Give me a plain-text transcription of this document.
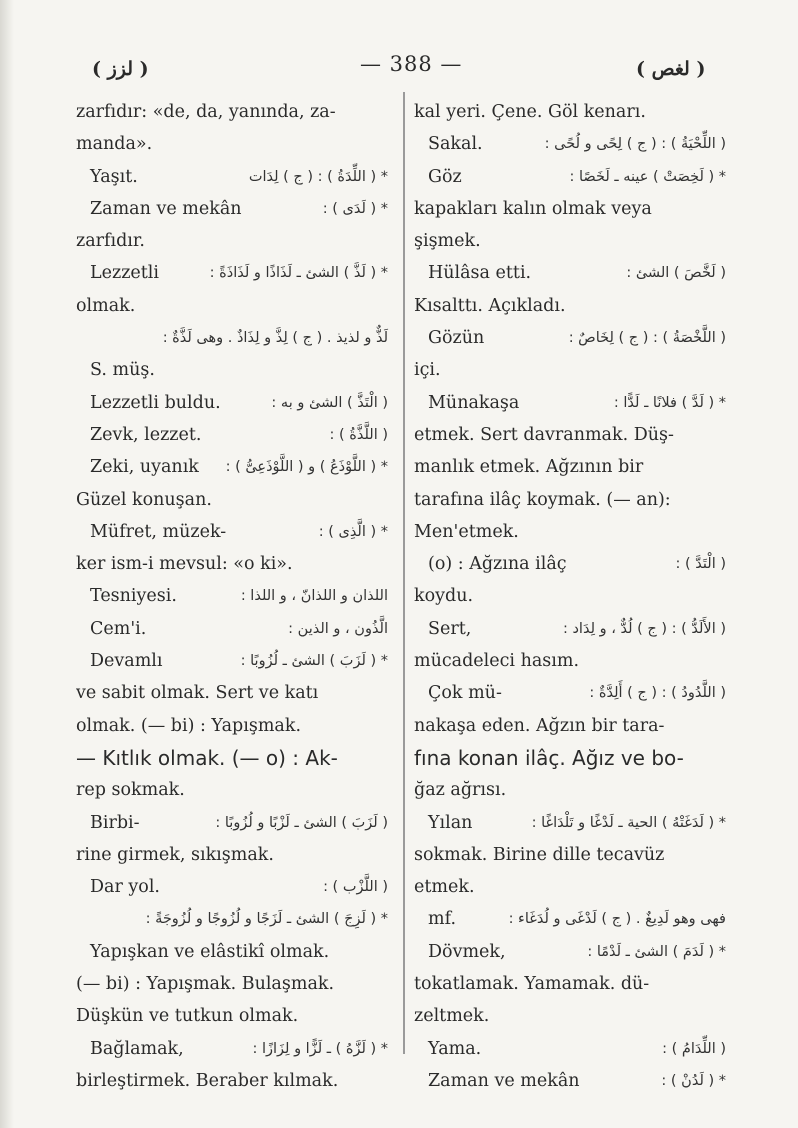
( لزز )	— 388 —	( لغص )
zarfıdır: «de, da, yanında, za-
manda».
Yaşıt.	* ( اللِّدَةُ ) : ( ج ) لِدَات
Zaman ve mekân	* ( لَدَى ) :
zarfıdır.
Lezzetli	* ( لَذَّ ) الشئ ـ لَذَاذًا و لَذَاذَةً :
olmak.
لَذٌّ و لذيذ . ( ج ) لِذَّ و لِذَاذٌ . وهى لَذَّةٌ :
S. müş.
Lezzetli buldu.	( الْتَذَّ ) الشئ و به :
Zevk, lezzet.	( اللَّذَّةُ ) :
Zeki, uyanık * ( اللَّوْذَعُ ) و ( اللَّوْذَعِىُّ ) :
Güzel konuşan.
Müfret, müzek-	* ( الَّذِى ) :
ker ism-i mevsul: «o ki».
Tesniyesi.	اللذان و اللذانّ ، و اللذا :
Cem'i.	الَّذُون ، و الذين :
Devamlı	* ( لَزَبَ ) الشئ ـ لُزُوبًا :
ve sabit olmak. Sert ve katı
olmak. (— bi) : Yapışmak.
— Kıtlık olmak. (— o) : Ak-
rep sokmak.
Birbi-	( لَزَبَ ) الشئ ـ لَزْبًا و لُزُوبًا :
rine girmek, sıkışmak.
Dar yol.	( اللَّزْب ) :
* ( لَزِجَ ) الشئ ـ لَزَجًا و لُزُوجًا و لُزُوجَةً :
Yapışkan ve elâstikî olmak.
(— bi) : Yapışmak. Bulaşmak.
Düşkün ve tutkun olmak.
Bağlamak,	* ( لَزَّهُ ) ـ لَزًّا و لِزَازًا :
birleştirmek. Beraber kılmak.
kal yeri. Çene. Göl kenarı.
Sakal.	( اللِّحْيَةُ ) : ( ج ) لِحًى و لُحًى :
Göz	* ( لَخِصَتْ ) عينه ـ لَخَصًا :
kapakları kalın olmak veya
şişmek.
Hülâsa etti.	( لَخَّصَ ) الشئ :
Kısalttı. Açıkladı.
Gözün	( اللَّخْصَةُ ) : ( ج ) لِخَاصٌ :
içi.
Münakaşa	* ( لَدَّ ) فلانًا ـ لَدًّا :
etmek. Sert davranmak. Düş-
manlık etmek. Ağzının bir
tarafına ilâç koymak. (— an):
Men'etmek.
(o) : Ağzına ilâç	( الْتَدَّ ) :
koydu.
Sert,	( الأَلَدُّ ) : ( ج ) لُدٌّ ، و لِدَاد :
mücadeleci hasım.
Çok mü-	( اللَّدُودُ ) : ( ج ) أَلِدَّةٌ :
nakaşa eden. Ağzın bir tara-
fına konan ilâç. Ağız ve bo-
ğaz ağrısı.
Yılan	* ( لَدَغَتْهُ ) الحية ـ لَدْغًا و تَلْدَاغًا :
sokmak. Birine dille tecavüz
etmek.
mf.	فهى وهو لَدِيغٌ . ( ج ) لَدْغَى و لُدَغَاء :
Dövmek,	* ( لَدَمَ ) الشئ ـ لَدْمًا :
tokatlamak. Yamamak. dü-
zeltmek.
Yama.	( اللِّدَامُ ) :
Zaman ve mekân	* ( لَدُنْ ) :
